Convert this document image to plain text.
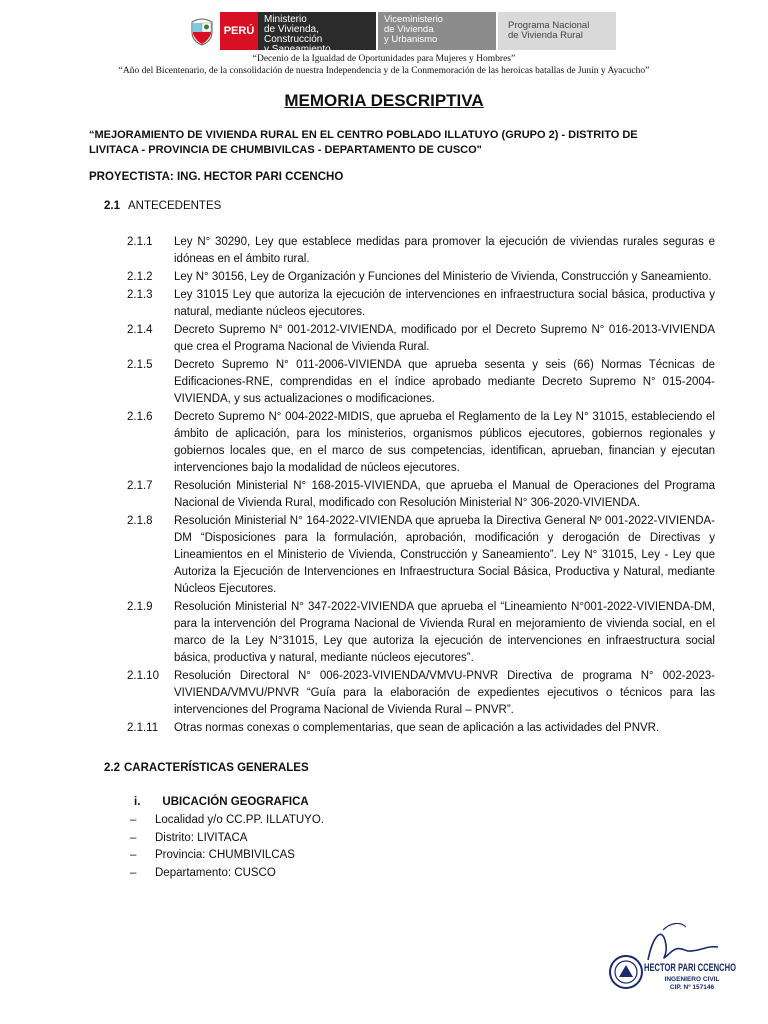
PERÚ
Ministerio
de Vivienda, Construcción
y Saneamiento
Viceministerio
de Vivienda
y Urbanismo
Programa Nacional
de Vivienda Rural
“Decenio de la Igualdad de Oportunidades para Mujeres y Hombres”
“Año del Bicentenario, de la consolidación de nuestra Independencia y de la Conmemoración de las heroicas batallas de Junín y Ayacucho”
MEMORIA DESCRIPTIVA
“MEJORAMIENTO DE VIVIENDA RURAL EN EL CENTRO POBLADO ILLATUYO (GRUPO 2) - DISTRITO DE LIVITACA - PROVINCIA DE CHUMBIVILCAS - DEPARTAMENTO DE CUSCO"
PROYECTISTA: ING. HECTOR PARI CCENCHO
2.1 ANTECEDENTES
2.1.1	Ley N° 30290, Ley que establece medidas para promover la ejecución de viviendas rurales seguras e idóneas en el ámbito rural.
2.1.2	Ley N° 30156, Ley de Organización y Funciones del Ministerio de Vivienda, Construcción y Saneamiento.
2.1.3	Ley 31015 Ley que autoriza la ejecución de intervenciones en infraestructura social básica, productiva y natural, mediante núcleos ejecutores.
2.1.4	Decreto Supremo N° 001-2012-VIVIENDA, modificado por el Decreto Supremo N° 016-2013-VIVIENDA que crea el Programa Nacional de Vivienda Rural.
2.1.5	Decreto Supremo N° 011-2006-VIVIENDA que aprueba sesenta y seis (66) Normas Técnicas de Edificaciones-RNE, comprendidas en el índice aprobado mediante Decreto Supremo N° 015-2004-VIVIENDA, y sus actualizaciones o modificaciones.
2.1.6	Decreto Supremo N° 004-2022-MIDIS, que aprueba el Reglamento de la Ley N° 31015, estableciendo el ámbito de aplicación, para los ministerios, organismos públicos ejecutores, gobiernos regionales y gobiernos locales que, en el marco de sus competencias, identifican, aprueban, financian y ejecutan intervenciones bajo la modalidad de núcleos ejecutores.
2.1.7	Resolución Ministerial N° 168-2015-VIVIENDA, que aprueba el Manual de Operaciones del Programa Nacional de Vivienda Rural, modificado con Resolución Ministerial N° 306-2020-VIVIENDA.
2.1.8	Resolución Ministerial N° 164-2022-VIVIENDA que aprueba la Directiva General Nº 001-2022-VIVIENDA-DM “Disposiciones para la formulación, aprobación, modificación y derogación de Directivas y Lineamientos en el Ministerio de Vivienda, Construcción y Saneamiento”. Ley N° 31015, Ley - Ley que Autoriza la Ejecución de Intervenciones en Infraestructura Social Básica, Productiva y Natural, mediante Núcleos Ejecutores.
2.1.9	Resolución Ministerial N° 347-2022-VIVIENDA que aprueba el “Lineamiento N°001-2022-VIVIENDA-DM, para la intervención del Programa Nacional de Vivienda Rural en mejoramiento de vivienda social, en el marco de la Ley N°31015, Ley que autoriza la ejecución de intervenciones en infraestructura social básica, productiva y natural, mediante núcleos ejecutores”.
2.1.10	Resolución Directoral N° 006-2023-VIVIENDA/VMVU-PNVR Directiva de programa N° 002-2023-VIVIENDA/VMVU/PNVR “Guía para la elaboración de expedientes ejecutivos o técnicos para las intervenciones del Programa Nacional de Vivienda Rural – PNVR”.
2.1.11	Otras normas conexas o complementarias, que sean de aplicación a las actividades del PNVR.
2.2 CARACTERÍSTICAS GENERALES
i. UBICACIÓN GEOGRAFICA
–	Localidad y/o CC.PP. ILLATUYO.
–	Distrito: LIVITACA
–	Provincia: CHUMBIVILCAS
–	Departamento: CUSCO
HECTOR PARI CCENCHO
INGENIERO CIVIL
CIP. Nº 157146
